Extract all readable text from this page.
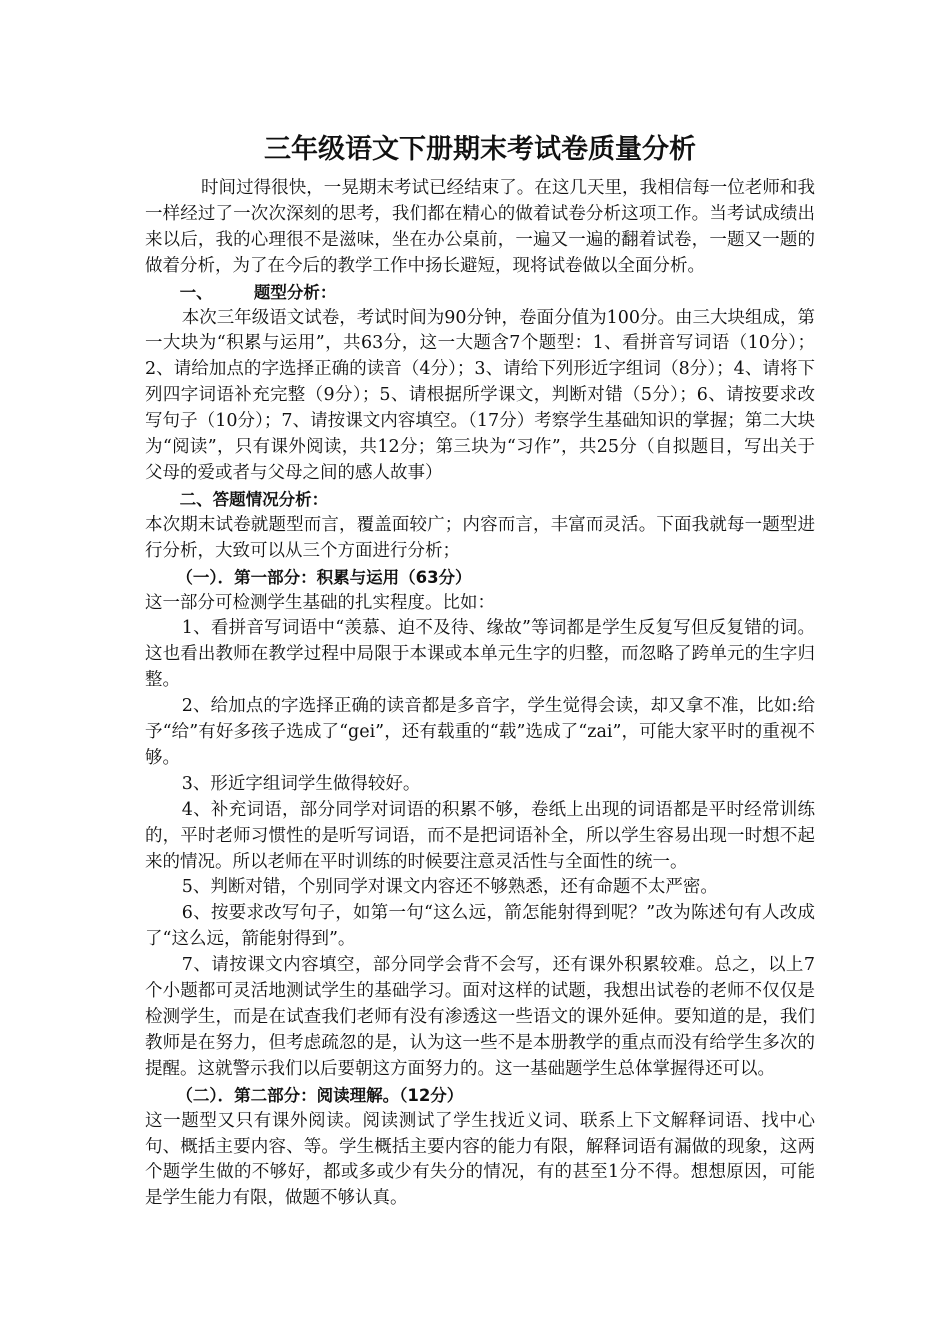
三年级语文下册期末考试卷质量分析

时间过得很快，一晃期末考试已经结束了。在这几天里，我相信每一位老师和我一样经过了一次次深刻的思考，我们都在精心的做着试卷分析这项工作。当考试成绩出来以后，我的心理很不是滋味，坐在办公桌前，一遍又一遍的翻着试卷，一题又一题的做着分析，为了在今后的教学工作中扬长避短，现将试卷做以全面分析。

一、	题型分析：

本次三年级语文试卷，考试时间为90分钟，卷面分值为100分。由三大块组成，第一大块为“积累与运用”，共63分，这一大题含7个题型：1、看拼音写词语（10分）；2、请给加点的字选择正确的读音（4分）；3、请给下列形近字组词（8分）；4、请将下列四字词语补充完整（9分）；5、请根据所学课文，判断对错（5分）；6、请按要求改写句子（10分）；7、请按课文内容填空。（17分）考察学生基础知识的掌握；第二大块为“阅读”，只有课外阅读，共12分；第三块为“习作”，共25分（自拟题目，写出关于父母的爱或者与父母之间的感人故事）

二、答题情况分析：

本次期末试卷就题型而言，覆盖面较广；内容而言，丰富而灵活。下面我就每一题型进行分析，大致可以从三个方面进行分析；

（一）．第一部分：积累与运用（63分）

这一部分可检测学生基础的扎实程度。比如：

1、看拼音写词语中“羡慕、迫不及待、缘故”等词都是学生反复写但反复错的词。这也看出教师在教学过程中局限于本课或本单元生字的归整，而忽略了跨单元的生字归整。

2、给加点的字选择正确的读音都是多音字，学生觉得会读，却又拿不准，比如:给予“给”有好多孩子选成了“gei”，还有载重的“载”选成了“zai”，可能大家平时的重视不够。

3、形近字组词学生做得较好。

4、补充词语，部分同学对词语的积累不够，卷纸上出现的词语都是平时经常训练的，平时老师习惯性的是听写词语，而不是把词语补全，所以学生容易出现一时想不起来的情况。所以老师在平时训练的时候要注意灵活性与全面性的统一。

5、判断对错，个别同学对课文内容还不够熟悉，还有命题不太严密。

6、按要求改写句子，如第一句“这么远，箭怎能射得到呢？”改为陈述句有人改成了“这么远，箭能射得到”。

7、请按课文内容填空，部分同学会背不会写，还有课外积累较难。总之，以上7个小题都可灵活地测试学生的基础学习。面对这样的试题，我想出试卷的老师不仅仅是检测学生，而是在试查我们老师有没有渗透这一些语文的课外延伸。要知道的是，我们教师是在努力，但考虑疏忽的是，认为这一些不是本册教学的重点而没有给学生多次的提醒。这就警示我们以后要朝这方面努力的。这一基础题学生总体掌握得还可以。

（二）．第二部分：阅读理解。（12分）

这一题型又只有课外阅读。阅读测试了学生找近义词、联系上下文解释词语、找中心句、概括主要内容、等。学生概括主要内容的能力有限，解释词语有漏做的现象，这两个题学生做的不够好，都或多或少有失分的情况，有的甚至1分不得。想想原因，可能是学生能力有限，做题不够认真。
